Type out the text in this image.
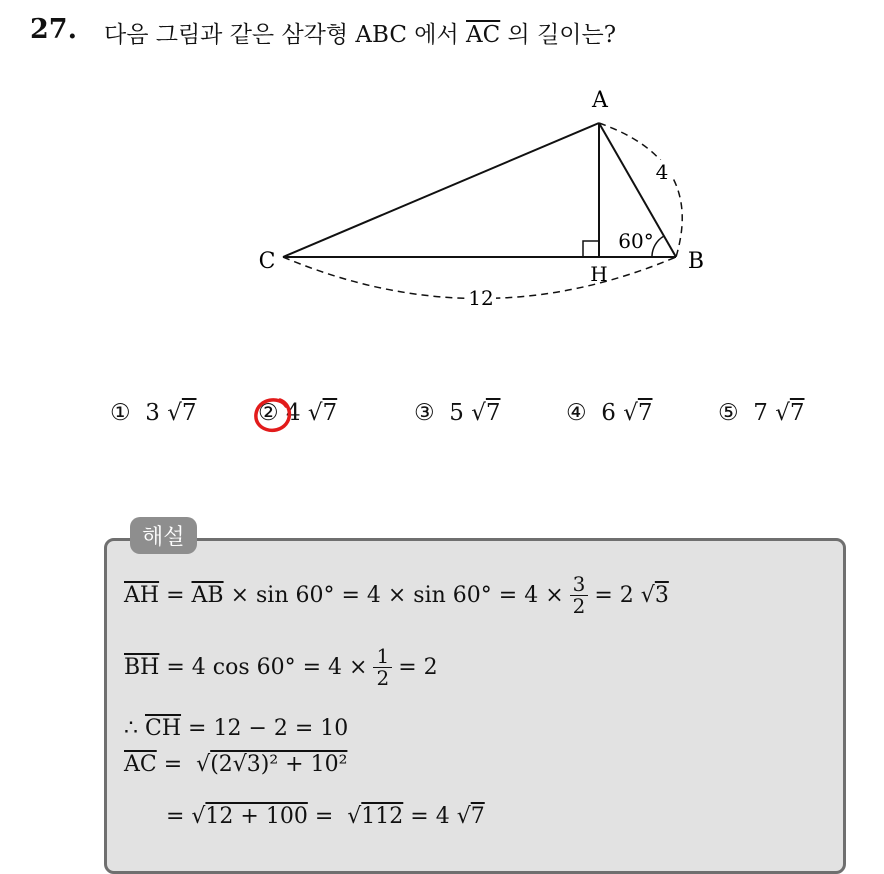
27. 다음 그림과 같은 삼각형 ABC 에서 $\overline{AC}$ 의 길이는?
A
B
C	H
4
12
60°
① 3 √7	② 4 √7	③ 5 √7	④ 6 √7	⑤ 7 √7
해설
$\overline{AH} = \overline{AB}$
× $\sin 60^\circ = 4 \times \sin 60^\circ = 4 \times \frac{3}{2} = 2$ √ 3
$\overline{BH}$
= 4 $\cos 60^\circ = 4 \times \frac{1}{2} = 2$
∴
$\overline{CH}$
= 12 − 2 = 10
$\overline{AC}$
= √ (2√3)² + 10²

= √ 12 + 100
= √ 112
= 4 √ 7
